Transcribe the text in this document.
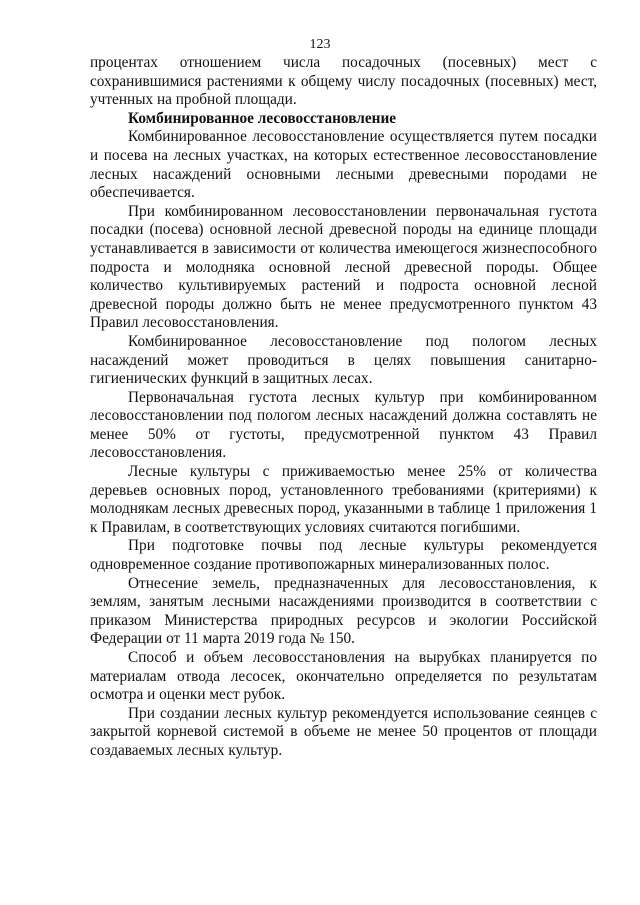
123

процентах отношением числа посадочных (посевных) мест с сохранившимися растениями к общему числу посадочных (посевных) мест, учтенных на пробной площади.

Комбинированное лесовосстановление

Комбинированное лесовосстановление осуществляется путем посадки и посева на лесных участках, на которых естественное лесовосстановление лесных насаждений основными лесными древесными породами не обеспечивается.

При комбинированном лесовосстановлении первоначальная густота посадки (посева) основной лесной древесной породы на единице площади устанавливается в зависимости от количества имеющегося жизнеспособного подроста и молодняка основной лесной древесной породы. Общее количество культивируемых растений и подроста основной лесной древесной породы должно быть не менее предусмотренного пунктом 43 Правил лесовосстановления.

Комбинированное лесовосстановление под пологом лесных насаждений может проводиться в целях повышения санитарно-гигиенических функций в защитных лесах.

Первоначальная густота лесных культур при комбинированном лесовосстановлении под пологом лесных насаждений должна составлять не менее 50% от густоты, предусмотренной пунктом 43 Правил лесовосстановления.

Лесные культуры с приживаемостью менее 25% от количества деревьев основных пород, установленного требованиями (критериями) к молоднякам лесных древесных пород, указанными в таблице 1 приложения 1 к Правилам, в соответствующих условиях считаются погибшими.

При подготовке почвы под лесные культуры рекомендуется одновременное создание противопожарных минерализованных полос.

Отнесение земель, предназначенных для лесовосстановления, к землям, занятым лесными насаждениями производится в соответствии с приказом Министерства природных ресурсов и экологии Российской Федерации от 11 марта 2019 года № 150.

Способ и объем лесовосстановления на вырубках планируется по материалам отвода лесосек, окончательно определяется по результатам осмотра и оценки мест рубок.

При создании лесных культур рекомендуется использование сеянцев с закрытой корневой системой в объеме не менее 50 процентов от площади создаваемых лесных культур.
